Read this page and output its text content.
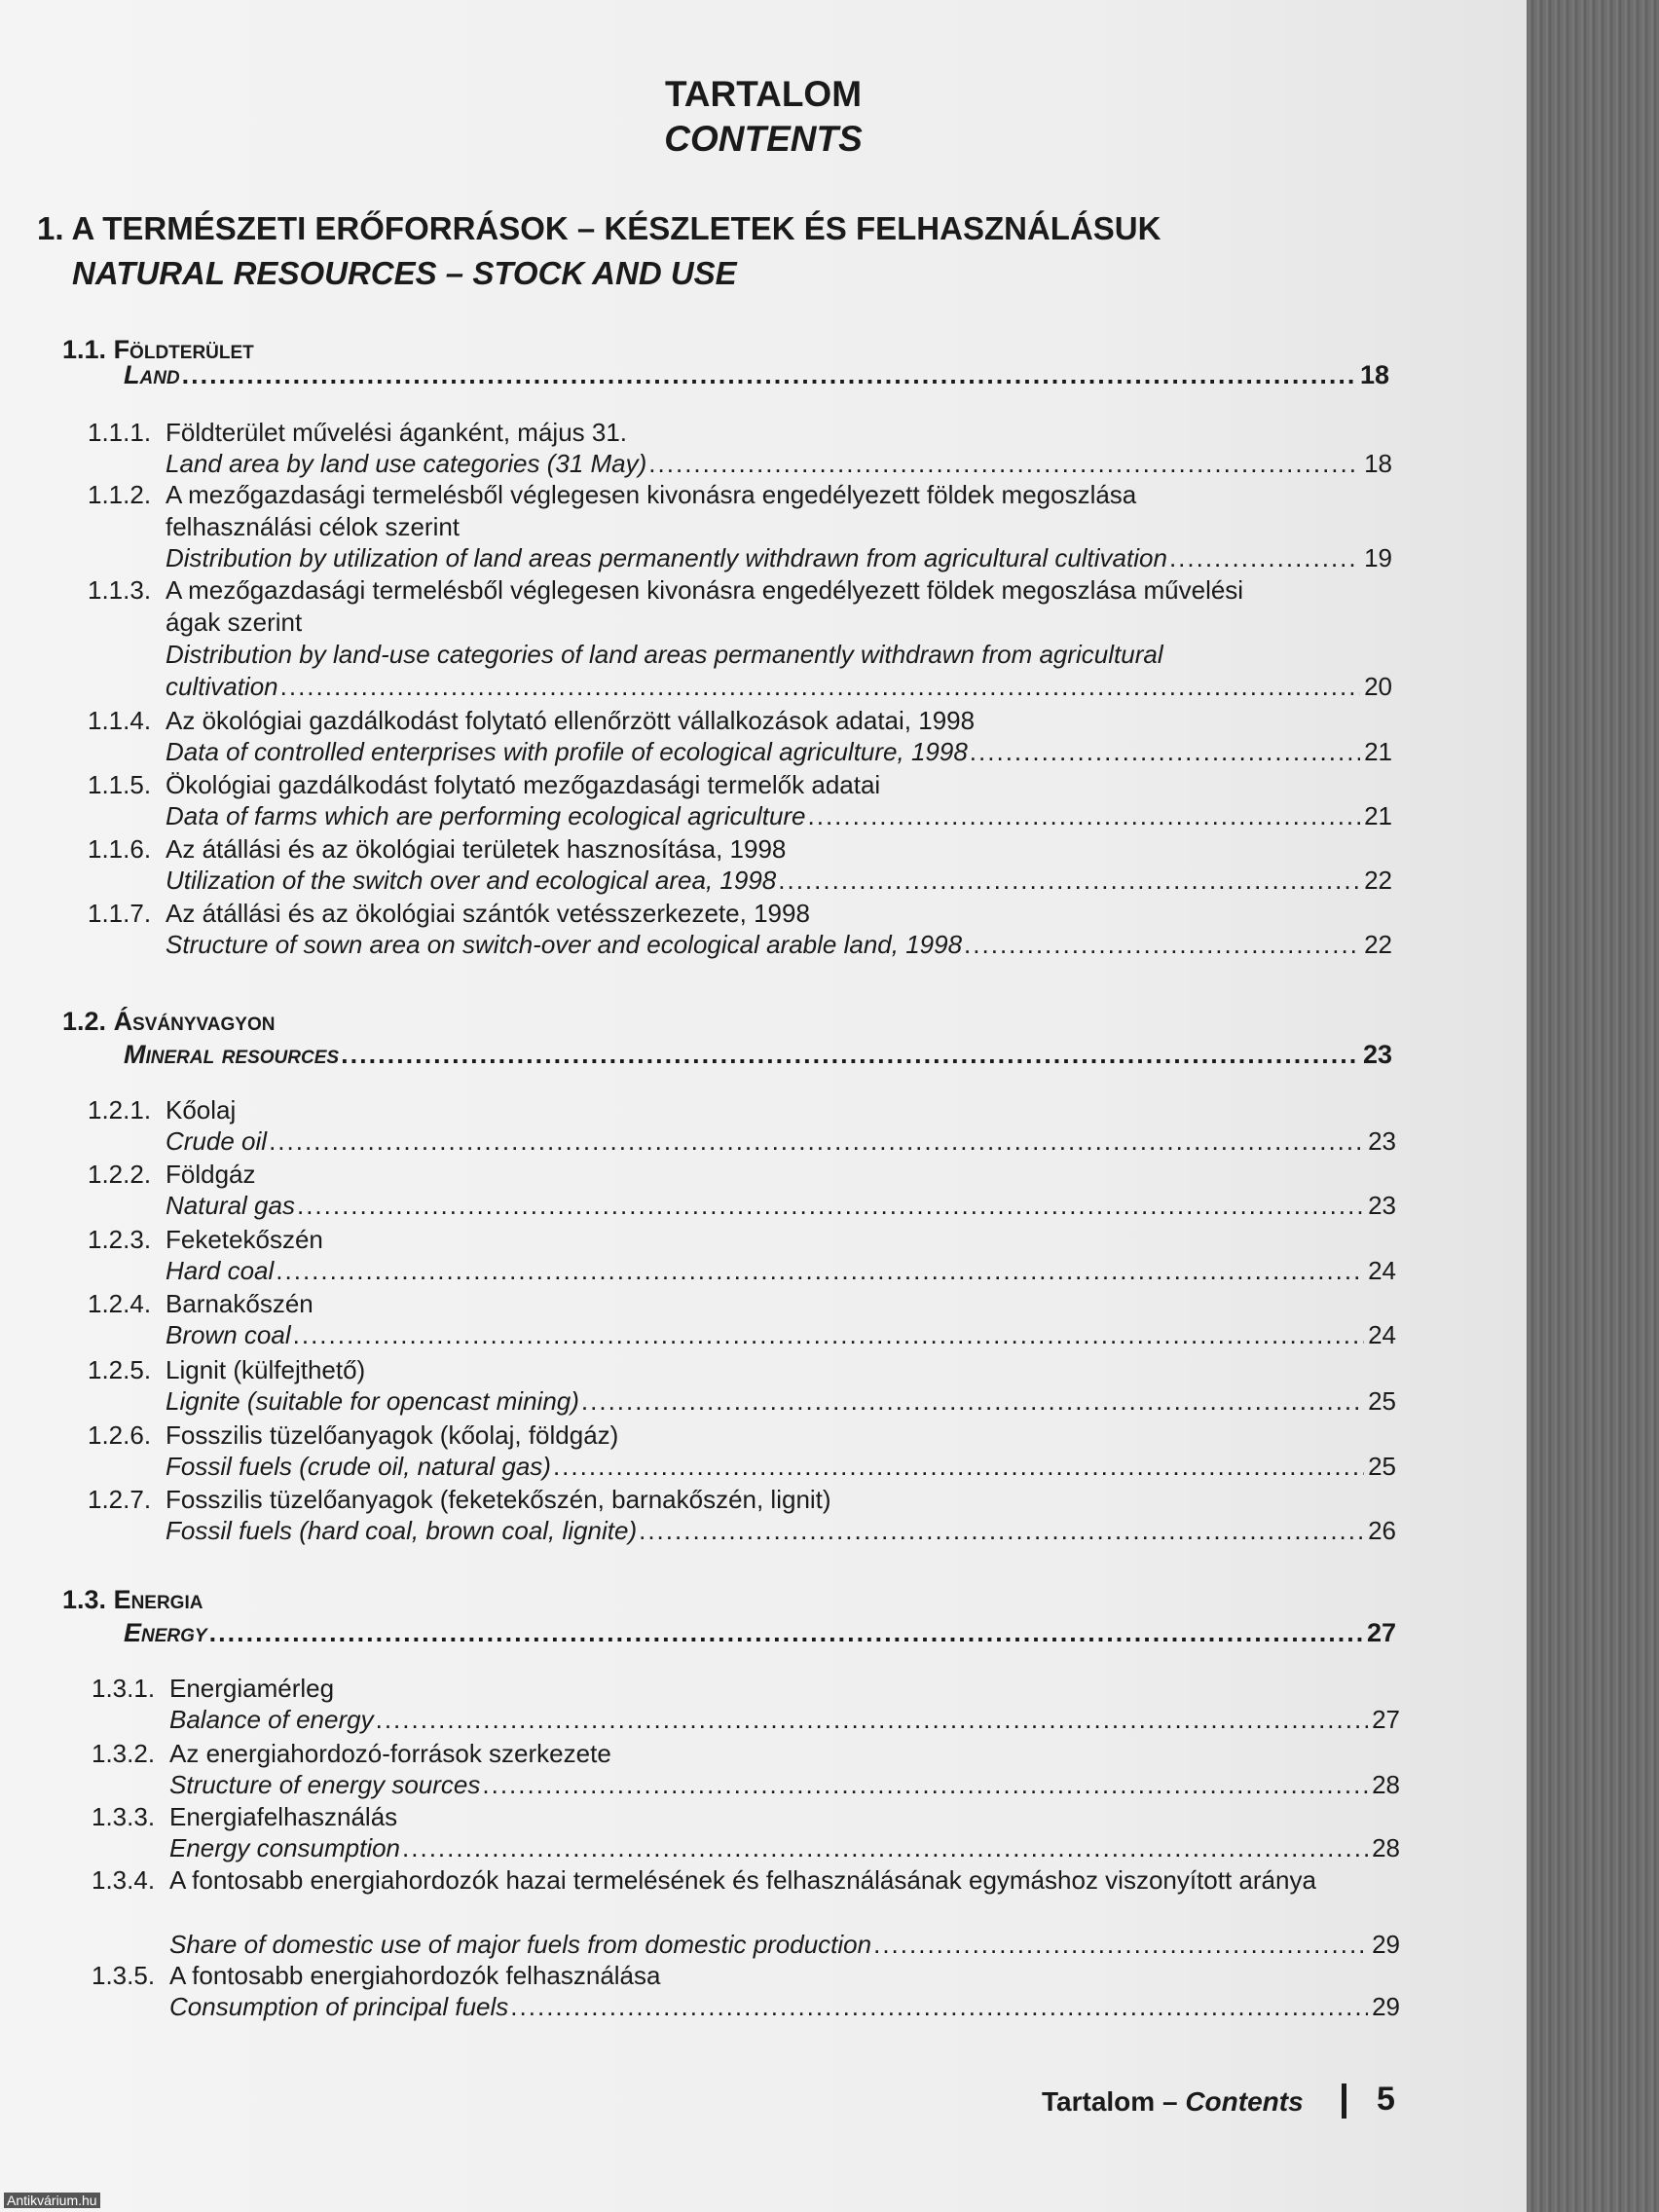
TARTALOM
CONTENTS
1. A TERMÉSZETI ERŐFORRÁSOK – KÉSZLETEK ÉS FELHASZNÁLÁSUK
NATURAL RESOURCES – STOCK AND USE
1.1. Földterület
Land .....	18
1.1.1. Földterület művelési áganként, május 31.
Land area by land use categories (31 May) .....	18
1.1.2. A mezőgazdasági termelésből véglegesen kivonásra engedélyezett földek megoszlása felhasználási célok szerint
Distribution by utilization of land areas permanently withdrawn from agricultural cultivation .....	19
1.1.3. A mezőgazdasági termelésből véglegesen kivonásra engedélyezett földek megoszlása művelési ágak szerint
Distribution by land-use categories of land areas permanently withdrawn from agricultural
cultivation .....	20
1.1.4. Az ökológiai gazdálkodást folytató ellenőrzött vállalkozások adatai, 1998
Data of controlled enterprises with profile of ecological agriculture, 1998 .....	21
1.1.5. Ökológiai gazdálkodást folytató mezőgazdasági termelők adatai
Data of farms which are performing ecological agriculture .....	21
1.1.6. Az átállási és az ökológiai területek hasznosítása, 1998
Utilization of the switch over and ecological area, 1998 .....	22
1.1.7. Az átállási és az ökológiai szántók vetésszerkezete, 1998
Structure of sown area on switch-over and ecological arable land, 1998 .....	22
1.2. Ásványvagyon
Mineral resources .....	23
1.2.1. Kőolaj
Crude oil .....	23
1.2.2. Földgáz
Natural gas .....	23
1.2.3. Feketekőszén
Hard coal .....	24
1.2.4. Barnakőszén
Brown coal .....	24
1.2.5. Lignit (külfejthető)
Lignite (suitable for opencast mining) .....	25
1.2.6. Fosszilis tüzelőanyagok (kőolaj, földgáz)
Fossil fuels (crude oil, natural gas) .....	25
1.2.7. Fosszilis tüzelőanyagok (feketekőszén, barnakőszén, lignit)
Fossil fuels (hard coal, brown coal, lignite) .....	26
1.3. Energia
Energy .....	27
1.3.1. Energiamérleg
Balance of energy .....	27
1.3.2. Az energiahordozó-források szerkezete
Structure of energy sources .....	28
1.3.3. Energiafelhasználás
Energy consumption .....	28
1.3.4. A fontosabb energiahordozók hazai termelésének és felhasználásának egymáshoz viszonyított aránya
Share of domestic use of major fuels from domestic production .....	29
1.3.5. A fontosabb energiahordozók felhasználása
Consumption of principal fuels .....	29
Tartalom – Contents 5
Antikvárium.hu
